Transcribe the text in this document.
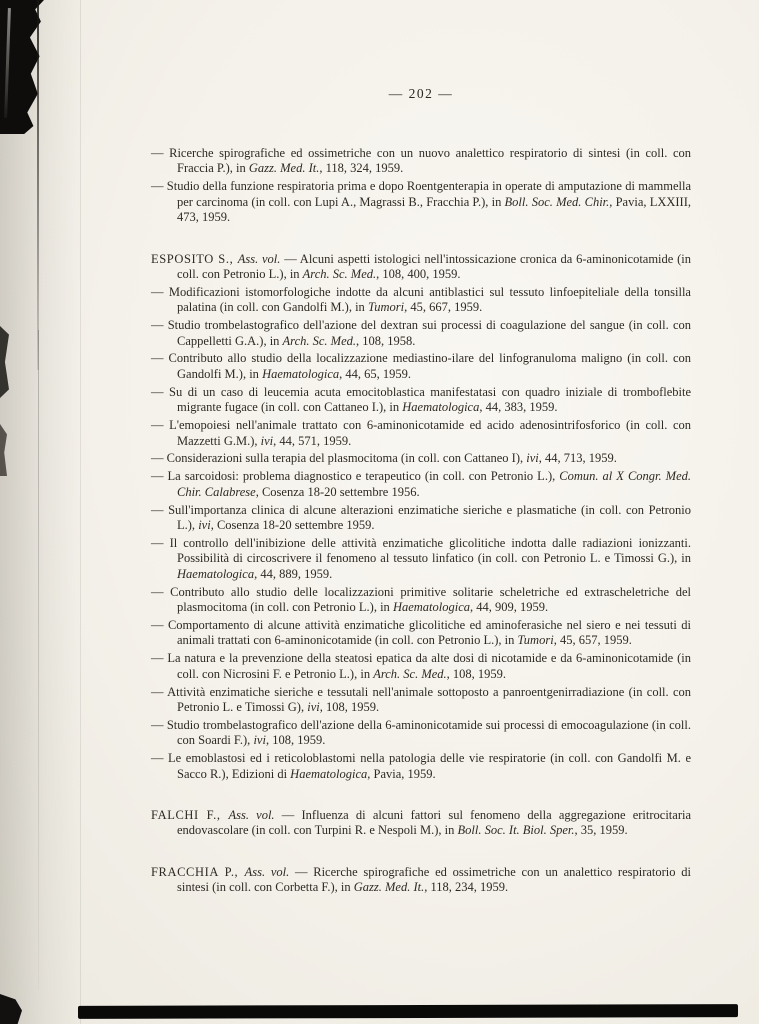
— 202 —

— Ricerche spirografiche ed ossimetriche con un nuovo analettico respiratorio di sintesi (in coll. con Fraccia P.), in Gazz. Med. It., 118, 324, 1959.

— Studio della funzione respiratoria prima e dopo Roentgenterapia in operate di amputazione di mammella per carcinoma (in coll. con Lupi A., Magrassi B., Fracchia P.), in Boll. Soc. Med. Chir., Pavia, LXXIII, 473, 1959.

ESPOSITO S., Ass. vol. — Alcuni aspetti istologici nell'intossicazione cronica da 6-aminonicotamide (in coll. con Petronio L.), in Arch. Sc. Med., 108, 400, 1959.

— Modificazioni istomorfologiche indotte da alcuni antiblastici sul tessuto linfoepiteliale della tonsilla palatina (in coll. con Gandolfi M.), in Tumori, 45, 667, 1959.

— Studio trombelastografico dell'azione del dextran sui processi di coagulazione del sangue (in coll. con Cappelletti G.A.), in Arch. Sc. Med., 108, 1958.

— Contributo allo studio della localizzazione mediastino-ilare del linfogranuloma maligno (in coll. con Gandolfi M.), in Haematologica, 44, 65, 1959.

— Su di un caso di leucemia acuta emocitoblastica manifestatasi con quadro iniziale di tromboflebite migrante fugace (in coll. con Cattaneo I.), in Haematologica, 44, 383, 1959.

— L'emopoiesi nell'animale trattato con 6-aminonicotamide ed acido adenosintrifosforico (in coll. con Mazzetti G.M.), ivi, 44, 571, 1959.

— Considerazioni sulla terapia del plasmocitoma (in coll. con Cattaneo I), ivi, 44, 713, 1959.

— La sarcoidosi: problema diagnostico e terapeutico (in coll. con Petronio L.), Comun. al X Congr. Med. Chir. Calabrese, Cosenza 18-20 settembre 1956.

— Sull'importanza clinica di alcune alterazioni enzimatiche sieriche e plasmatiche (in coll. con Petronio L.), ivi, Cosenza 18-20 settembre 1959.

— Il controllo dell'inibizione delle attività enzimatiche glicolitiche indotta dalle radiazioni ionizzanti. Possibilità di circoscrivere il fenomeno al tessuto linfatico (in coll. con Petronio L. e Timossi G.), in Haematologica, 44, 889, 1959.

— Contributo allo studio delle localizzazioni primitive solitarie scheletriche ed extrascheletriche del plasmocitoma (in coll. con Petronio L.), in Haematologica, 44, 909, 1959.

— Comportamento di alcune attività enzimatiche glicolitiche ed aminoferasiche nel siero e nei tessuti di animali trattati con 6-aminonicotamide (in coll. con Petronio L.), in Tumori, 45, 657, 1959.

— La natura e la prevenzione della steatosi epatica da alte dosi di nicotamide e da 6-aminonicotamide (in coll. con Nicrosini F. e Petronio L.), in Arch. Sc. Med., 108, 1959.

— Attività enzimatiche sieriche e tessutali nell'animale sottoposto a panroentgenirradiazione (in coll. con Petronio L. e Timossi G), ivi, 108, 1959.

— Studio trombelastografico dell'azione della 6-aminonicotamide sui processi di emocoagulazione (in coll. con Soardi F.), ivi, 108, 1959.

— Le emoblastosi ed i reticoloblastomi nella patologia delle vie respiratorie (in coll. con Gandolfi M. e Sacco R.), Edizioni di Haematologica, Pavia, 1959.

FALCHI F., Ass. vol. — Influenza di alcuni fattori sul fenomeno della aggregazione eritrocitaria endovascolare (in coll. con Turpini R. e Nespoli M.), in Boll. Soc. It. Biol. Sper., 35, 1959.

FRACCHIA P., Ass. vol. — Ricerche spirografiche ed ossimetriche con un analettico respiratorio di sintesi (in coll. con Corbetta F.), in Gazz. Med. It., 118, 234, 1959.
